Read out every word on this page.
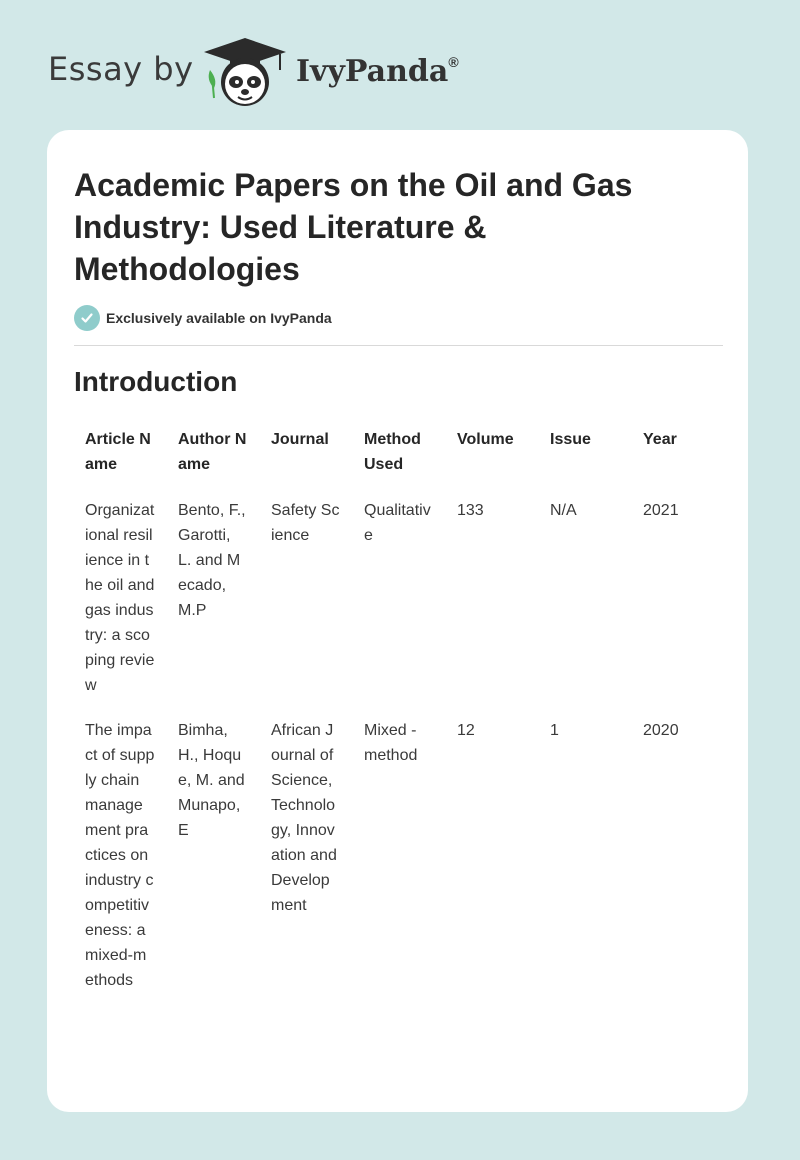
Essay by	IvyPanda®
Academic Papers on the Oil and Gas Industry: Used Literature & Methodologies
Exclusively available on IvyPanda
Introduction
Article Name	Author Name	Journal	Method Used	Volume	Issue	Year
Organizational resilience in the oil and gas industry: a scoping review	Bento, F., Garotti, L. and Mecado, M.P	Safety Science	Qualitative	133	N/A	2021
The impact of supply chain management practices on industry competitiveness: a mixed-methods	Bimha, H., Hoque, M. and Munapo, E	African Journal of Science, Technology, Innovation and Development	Mixed - method	12	1	2020
